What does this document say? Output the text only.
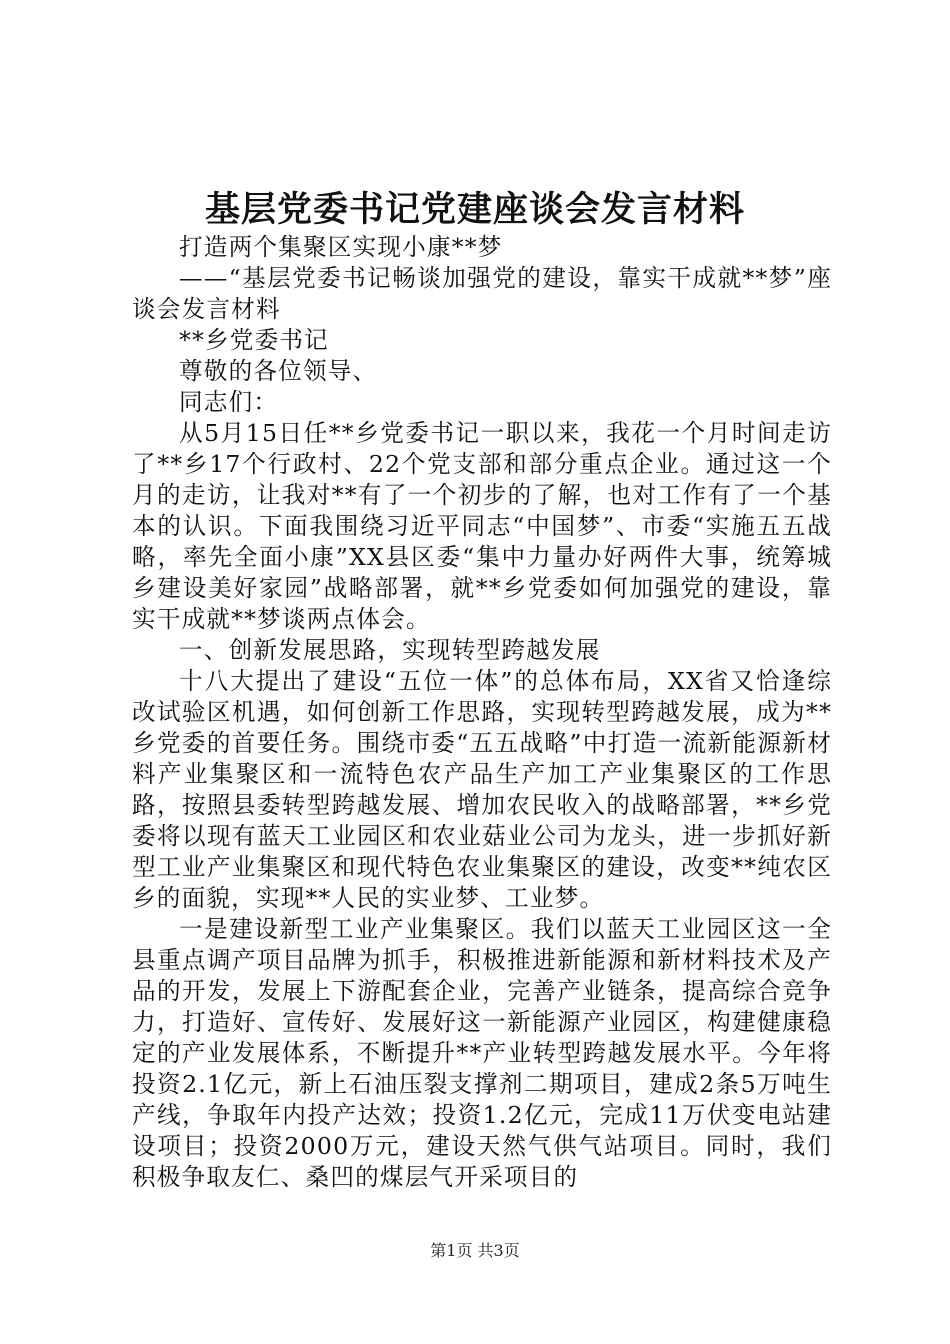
基层党委书记党建座谈会发言材料

打造两个集聚区实现小康**梦

——“基层党委书记畅谈加强党的建设，靠实干成就**梦”座谈会发言材料

**乡党委书记

尊敬的各位领导、

同志们：

从5月15日任**乡党委书记一职以来，我花一个月时间走访了**乡17个行政村、22个党支部和部分重点企业。通过这一个月的走访，让我对**有了一个初步的了解，也对工作有了一个基本的认识。下面我围绕习近平同志“中国梦”、市委“实施五五战略，率先全面小康”XX县区委“集中力量办好两件大事，统筹城乡建设美好家园”战略部署，就**乡党委如何加强党的建设，靠实干成就**梦谈两点体会。

一、创新发展思路，实现转型跨越发展

十八大提出了建设“五位一体”的总体布局，XX省又恰逢综改试验区机遇，如何创新工作思路，实现转型跨越发展，成为**乡党委的首要任务。围绕市委“五五战略”中打造一流新能源新材料产业集聚区和一流特色农产品生产加工产业集聚区的工作思路，按照县委转型跨越发展、增加农民收入的战略部署，**乡党委将以现有蓝天工业园区和农业菇业公司为龙头，进一步抓好新型工业产业集聚区和现代特色农业集聚区的建设，改变**纯农区乡的面貌，实现**人民的实业梦、工业梦。

一是建设新型工业产业集聚区。我们以蓝天工业园区这一全县重点调产项目品牌为抓手，积极推进新能源和新材料技术及产品的开发，发展上下游配套企业，完善产业链条，提高综合竞争力，打造好、宣传好、发展好这一新能源产业园区，构建健康稳定的产业发展体系，不断提升**产业转型跨越发展水平。今年将投资2.1亿元，新上石油压裂支撑剂二期项目，建成2条5万吨生产线，争取年内投产达效；投资1.2亿元，完成11万伏变电站建设项目；投资2000万元，建设天然气供气站项目。同时，我们积极争取友仁、桑凹的煤层气开采项目的

第1页 共3页
